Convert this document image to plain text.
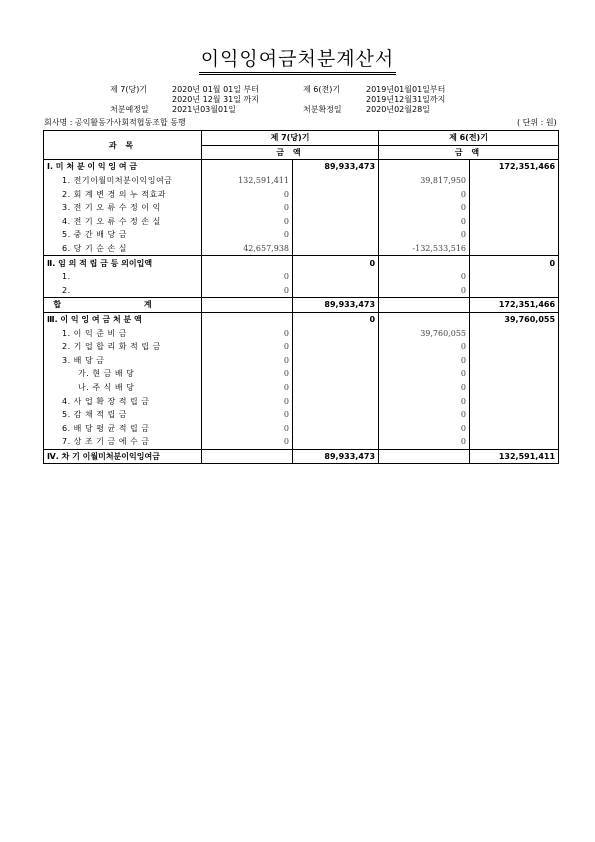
이익잉여금처분계산서
제 7(당)기	2020년 01월 01일 부터
2020년 12월 31일 까지
제 6(전)기	2019년01월01일부터
2019년12월31일까지
처분예정일	2021년03월01일	처분확정일	2020년02월28일
회사명 : 공익활동가사회적협동조합 동행	( 단위 : 원)
과 목	제 7(당)기		제 6(전)기	
	금 액		금 액	
Ⅰ. 미 처 분 이 익 잉 여 금		89,933,473		172,351,466
1. 전기이월미처분이익잉여금	132,591,411		39,817,950	
2. 회 계 변 경 의 누 적효과	0		0	
3. 전 기 오 류 수 정 이 익	0		0	
4. 전 기 오 류 수 정 손 실	0		0	
5. 중 간 배 당 금	0		0	
6. 당 기 순 손 실	42,657,938		-132,533,516	
Ⅱ. 임 의 적 립 금 등 의이입액		0		0
1.	0		0	
2.	0		0	
합 계		89,933,473		172,351,466
Ⅲ. 이 익 잉 여 금 처 분 액		0		39,760,055
1. 이 익 준 비 금	0		39,760,055	
2. 기 업 합 리 화 적 립 금	0		0	
3. 배 당 금	0		0	
가. 현 금 배 당	0		0	
나. 주 식 배 당	0		0	
4. 사 업 확 장 적 립 금	0		0	
5. 감 채 적 립 금	0		0	
6. 배 당 평 균 적 립 금	0		0	
7. 상 조 기 금 에 수 금	0		0	
Ⅳ. 차 기 이월미처분이익잉여금		89,933,473		132,591,411
